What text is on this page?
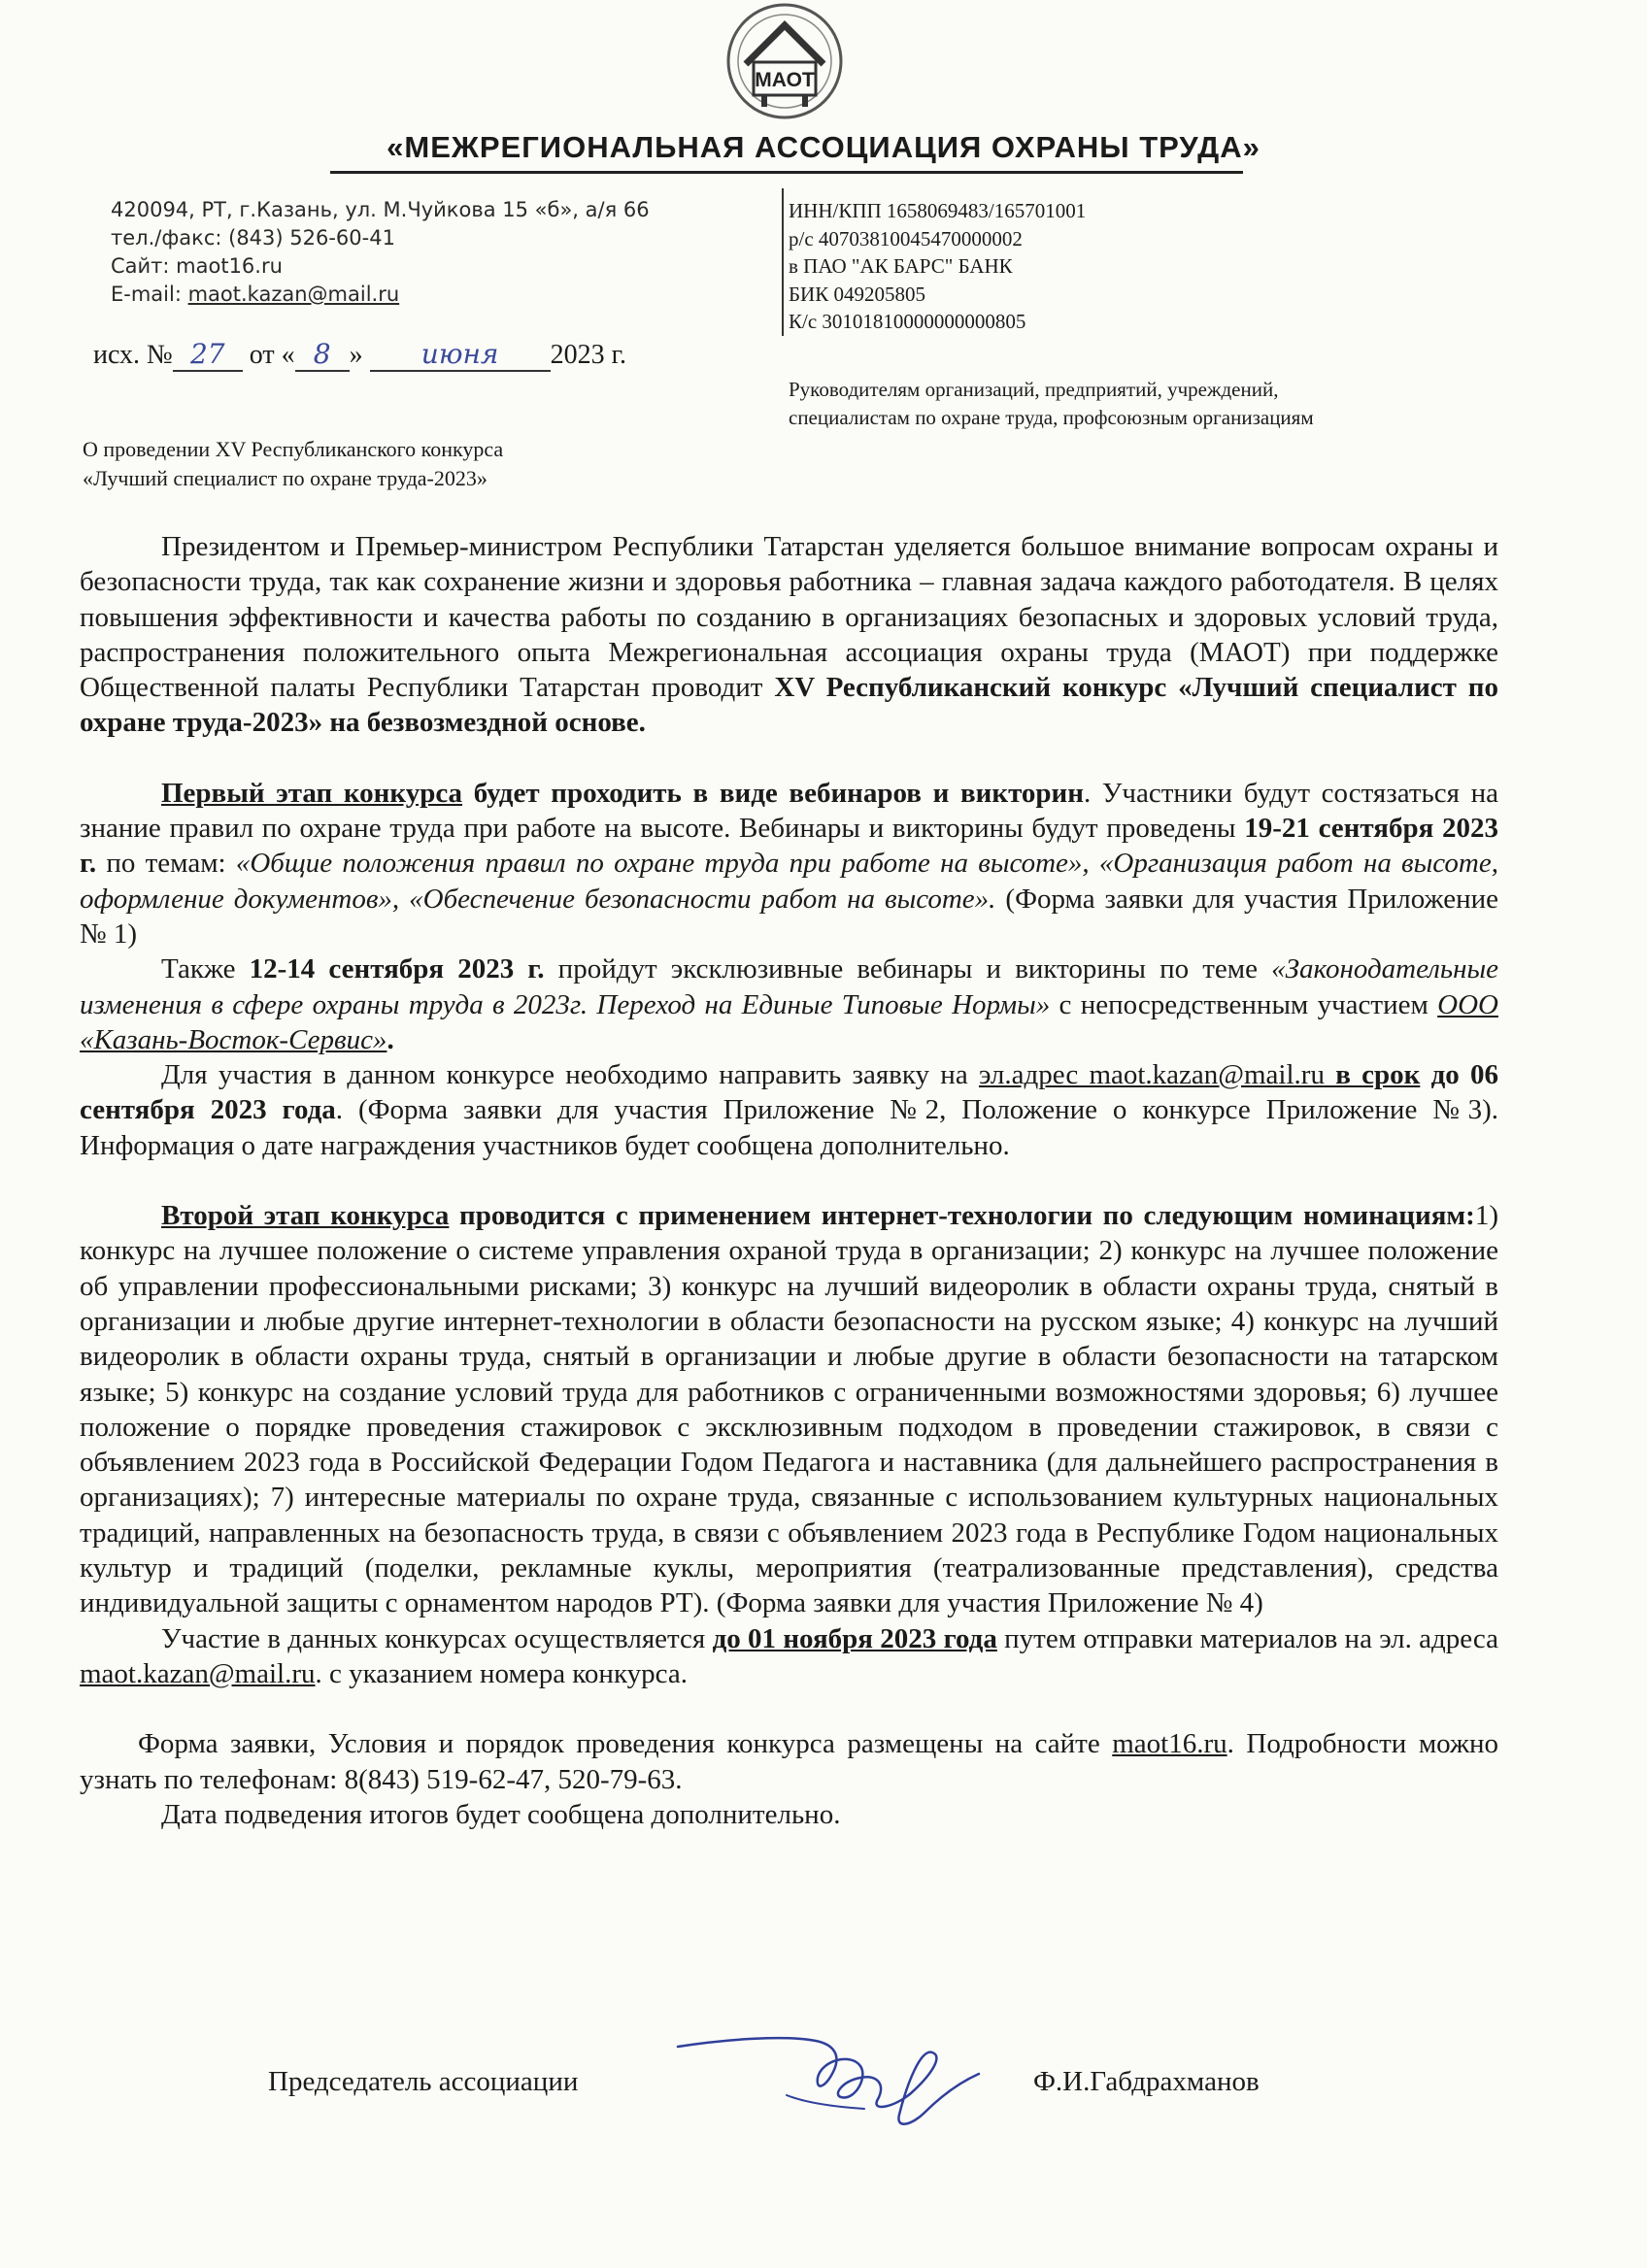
МАОТ
«МЕЖРЕГИОНАЛЬНАЯ АССОЦИАЦИЯ ОХРАНЫ ТРУДА»
420094, РТ, г.Казань, ул. М.Чуйкова 15 «б», а/я 66
тел./факс: (843) 526-60-41
Сайт: maot16.ru
E-mail: maot.kazan@mail.ru
ИНН/КПП 1658069483/165701001
р/с 40703810045470000002
в ПАО "АК БАРС" БАНК
БИК 049205805
К/с 30101810000000000805
исх. № 27 от « 8 » июня 2023 г.
Руководителям организаций, предприятий, учреждений,
специалистам по охране труда, профсоюзным организациям
О проведении XV Республиканского конкурса
«Лучший специалист по охране труда-2023»

Президентом и Премьер-министром Республики Татарстан уделяется большое внимание вопросам охраны и безопасности труда, так как сохранение жизни и здоровья работника – главная задача каждого работодателя. В целях повышения эффективности и качества работы по созданию в организациях безопасных и здоровых условий труда, распространения положительного опыта Межрегиональная ассоциация охраны труда (МАОТ) при поддержке Общественной палаты Республики Татарстан проводит XV Республиканский конкурс «Лучший специалист по охране труда-2023» на безвозмездной основе.

Первый этап конкурса будет проходить в виде вебинаров и викторин. Участники будут состязаться на знание правил по охране труда при работе на высоте. Вебинары и викторины будут проведены 19-21 сентября 2023 г. по темам: «Общие положения правил по охране труда при работе на высоте», «Организация работ на высоте, оформление документов», «Обеспечение безопасности работ на высоте». (Форма заявки для участия Приложение № 1)

Также 12-14 сентября 2023 г. пройдут эксклюзивные вебинары и викторины по теме «Законодательные изменения в сфере охраны труда в 2023г. Переход на Единые Типовые Нормы» с непосредственным участием ООО «Казань-Восток-Сервис».

Для участия в данном конкурсе необходимо направить заявку на эл.адрес maot.kazan@mail.ru в срок до 06 сентября 2023 года. (Форма заявки для участия Приложение №2, Положение о конкурсе Приложение №3). Информация о дате награждения участников будет сообщена дополнительно.

Второй этап конкурса проводится с применением интернет-технологии по следующим номинациям:1) конкурс на лучшее положение о системе управления охраной труда в организации; 2) конкурс на лучшее положение об управлении профессиональными рисками; 3) конкурс на лучший видеоролик в области охраны труда, снятый в организации и любые другие интернет-технологии в области безопасности на русском языке; 4) конкурс на лучший видеоролик в области охраны труда, снятый в организации и любые другие в области безопасности на татарском языке; 5) конкурс на создание условий труда для работников с ограниченными возможностями здоровья; 6) лучшее положение о порядке проведения стажировок с эксклюзивным подходом в проведении стажировок, в связи с объявлением 2023 года в Российской Федерации Годом Педагога и наставника (для дальнейшего распространения в организациях); 7) интересные материалы по охране труда, связанные с использованием культурных национальных традиций, направленных на безопасность труда, в связи с объявлением 2023 года в Республике Годом национальных культур и традиций (поделки, рекламные куклы, мероприятия (театрализованные представления), средства индивидуальной защиты с орнаментом народов РТ). (Форма заявки для участия Приложение № 4)

Участие в данных конкурсах осуществляется до 01 ноября 2023 года путем отправки материалов на эл. адреса maot.kazan@mail.ru. с указанием номера конкурса.

Форма заявки, Условия и порядок проведения конкурса размещены на сайте maot16.ru. Подробности можно узнать по телефонам: 8(843) 519-62-47, 520-79-63.

Дата подведения итогов будет сообщена дополнительно.

Председатель ассоциации	Ф.И.Габдрахманов
